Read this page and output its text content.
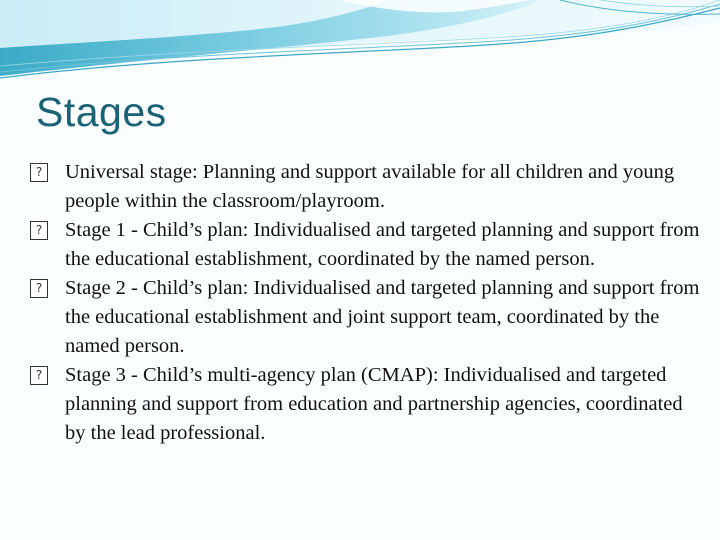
Stages
?
Universal stage: Planning and support available for all children and young people within the classroom/playroom.
?
Stage 1 - Child’s plan: Individualised and targeted planning and support from the educational establishment, coordinated by the named person.
?
Stage 2 - Child’s plan: Individualised and targeted planning and support from the educational establishment and joint support team, coordinated by the named person.
?
Stage 3 - Child’s multi-agency plan (CMAP): Individualised and targeted planning and support from education and partnership agencies, coordinated by the lead professional.
